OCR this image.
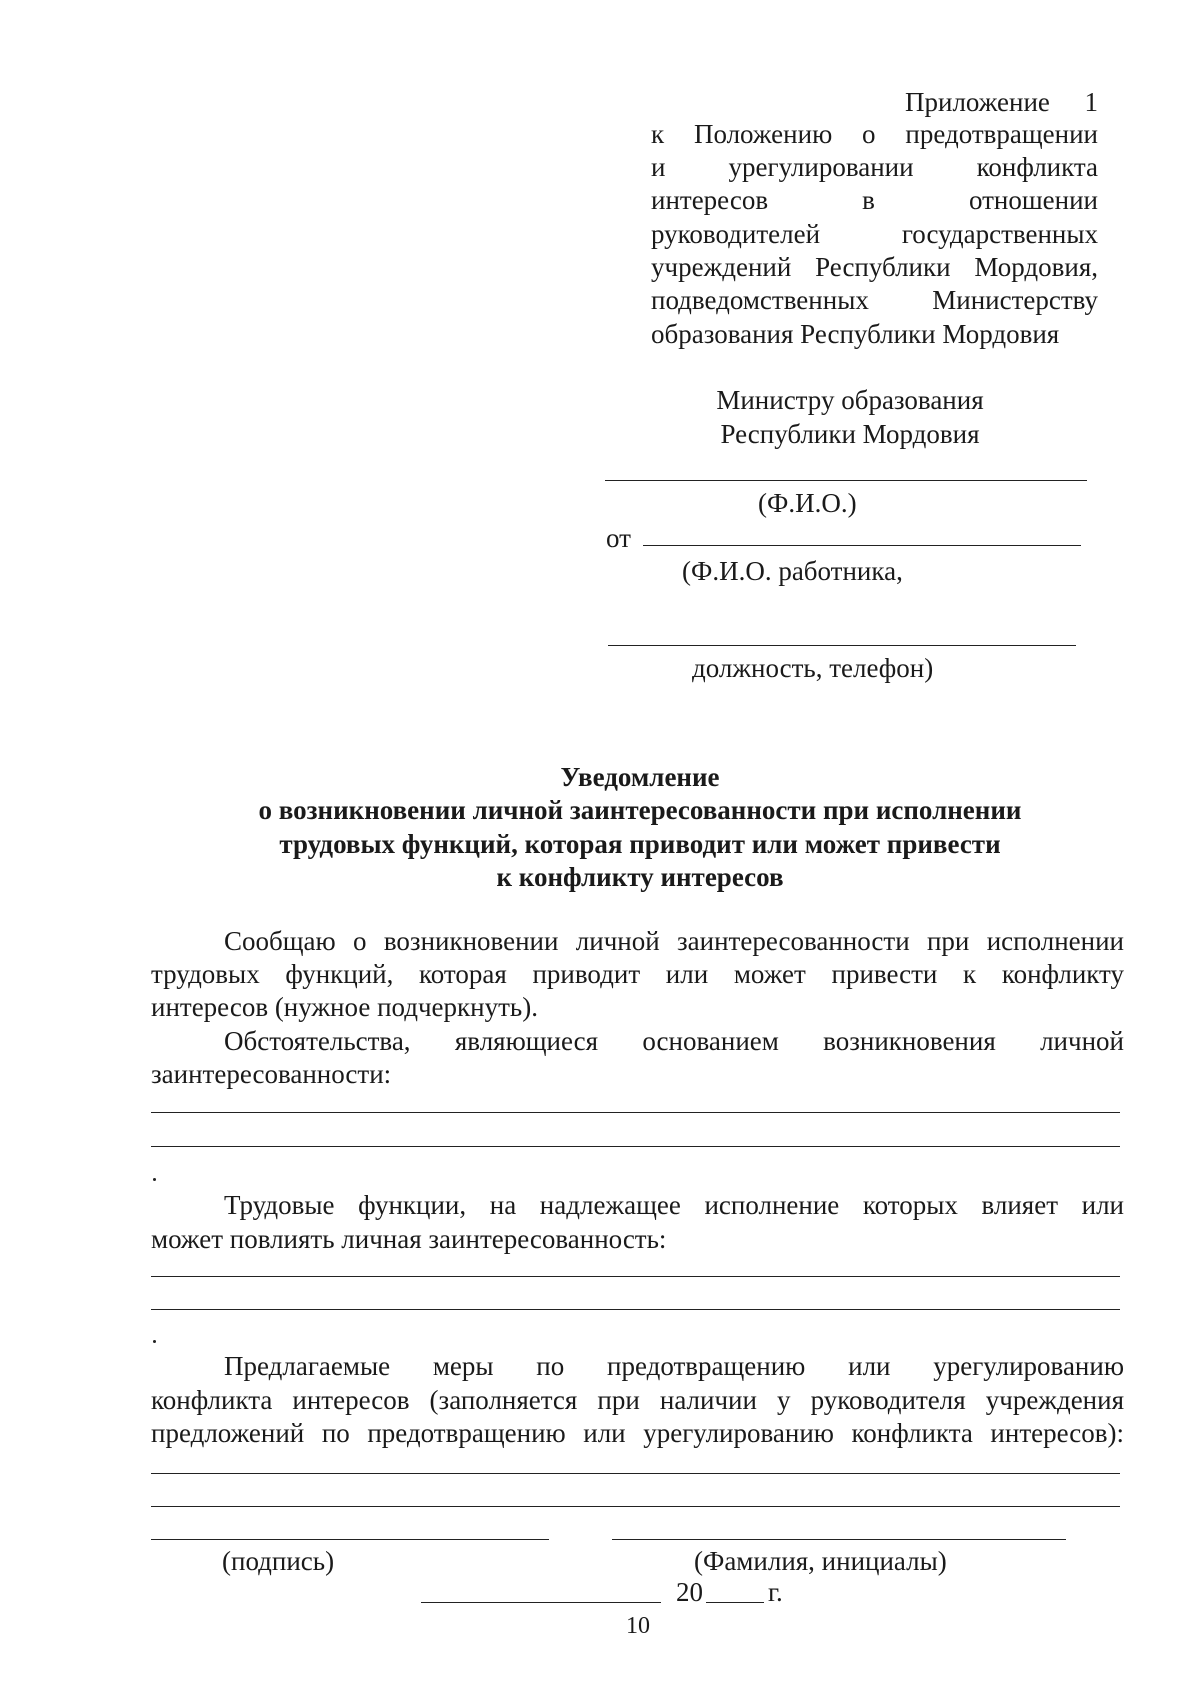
Приложение 1
к Положению о предотвращении
и урегулировании конфликта
интересов в отношении
руководителей государственных
учреждений Республики Мордовия,
подведомственных Министерству
образования Республики Мордовия
Министру образования
Республики Мордовия
(Ф.И.О.)
от
(Ф.И.О. работника,
должность, телефон)
Уведомление
о возникновении личной заинтересованности при исполнении
трудовых функций, которая приводит или может привести
к конфликту интересов
Сообщаю о возникновении личной заинтересованности при исполнении
трудовых функций, которая приводит или может привести к конфликту
интересов (нужное подчеркнуть).
Обстоятельства, являющиеся основанием возникновения личной
заинтересованности:
Трудовые функции, на надлежащее исполнение которых влияет или
может повлиять личная заинтересованность:
Предлагаемые меры по предотвращению или урегулированию
конфликта интересов (заполняется при наличии у руководителя учреждения
предложений по предотвращению или урегулированию конфликта интересов):
(подпись)	(Фамилия, инициалы)
20 г.
10
